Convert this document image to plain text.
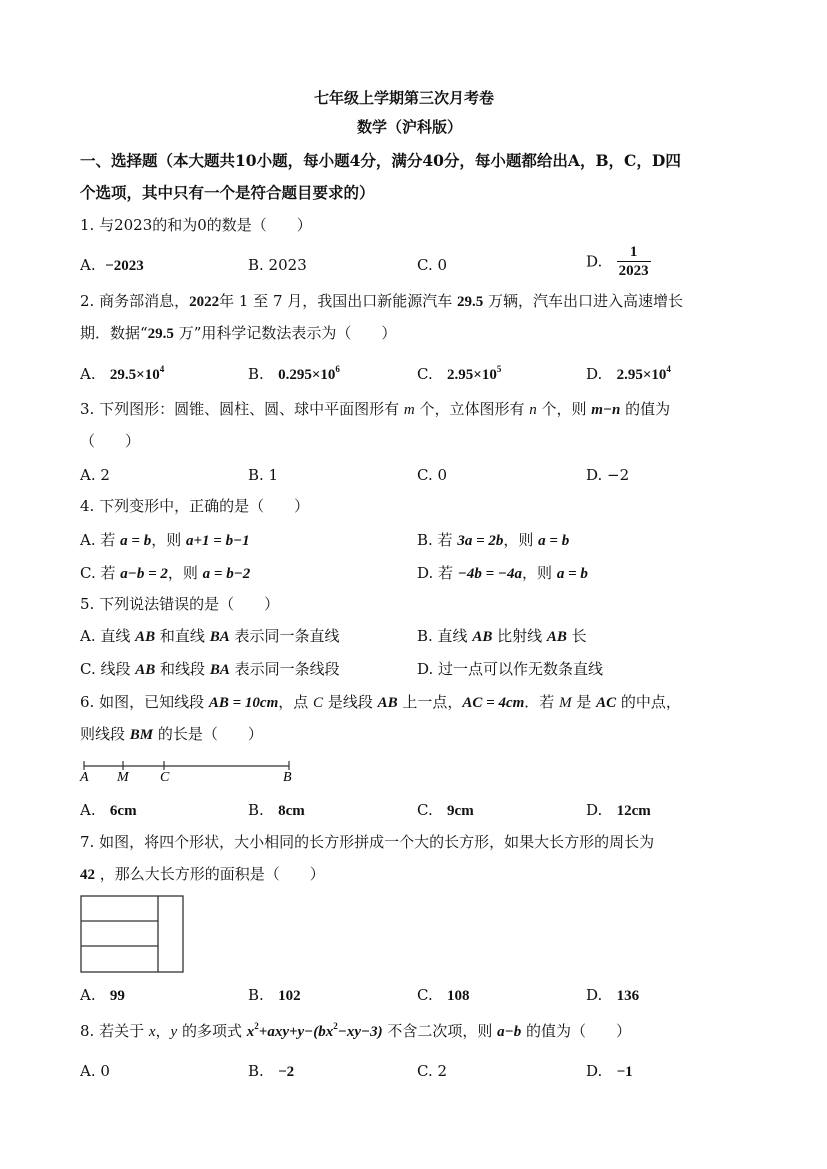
七年级上学期第三次月考卷
数学（沪科版）
一、选择题（本大题共10小题，每小题4分，满分40分，每小题都给出A，B，C，D四
个选项，其中只有一个是符合题目要求的）
1. 与2023的和为0的数是（　　）
A. −2023	B. 2023	C. 0	D. $\frac{1}{2023}$
2. 商务部消息，2022年 1 至 7 月，我国出口新能源汽车 29.5 万辆，汽车出口进入高速增长
期．数据“29.5 万”用科学记数法表示为（　　）
A. $29.5\times 10^4$	B. $0.295\times 10^6$	C. $2.95\times 10^5$	D. $2.95\times 10^4$
3. 下列图形：圆锥、圆柱、圆、球中平面图形有 m 个，立体图形有 n 个，则 m−n 的值为
（　　）
A. 2	B. 1	C. 0	D. −2
4. 下列变形中，正确的是（　　）
A. 若 a = b，则 a+1 = b−1	B. 若 3a = 2b，则 a = b
C. 若 a−b = 2，则 a = b−2	D. 若 −4b = −4a，则 a = b
5. 下列说法错误的是（　　）
A. 直线 AB 和直线 BA 表示同一条直线	B. 直线 AB 比射线 AB 长
C. 线段 AB 和线段 BA 表示同一条线段	D. 过一点可以作无数条直线
6. 如图，已知线段 AB = 10cm，点 C 是线段 AB 上一点，AC = 4cm．若 M 是 AC 的中点，
则线段 BM 的长是（　　）
A M C	B
A. 6cm	B. 8cm	C. 9cm	D. 12cm
7. 如图，将四个形状，大小相同的长方形拼成一个大的长方形，如果大长方形的周长为
42 ，那么大长方形的面积是（　　）
A. 99	B. 102	C. 108	D. 136
8. 若关于 x，y 的多项式 $x^2+axy+y-(bx^2-xy-3)$ 不含二次项，则 a−b 的值为（　　）
A. 0	B. −2	C. 2	D. −1
